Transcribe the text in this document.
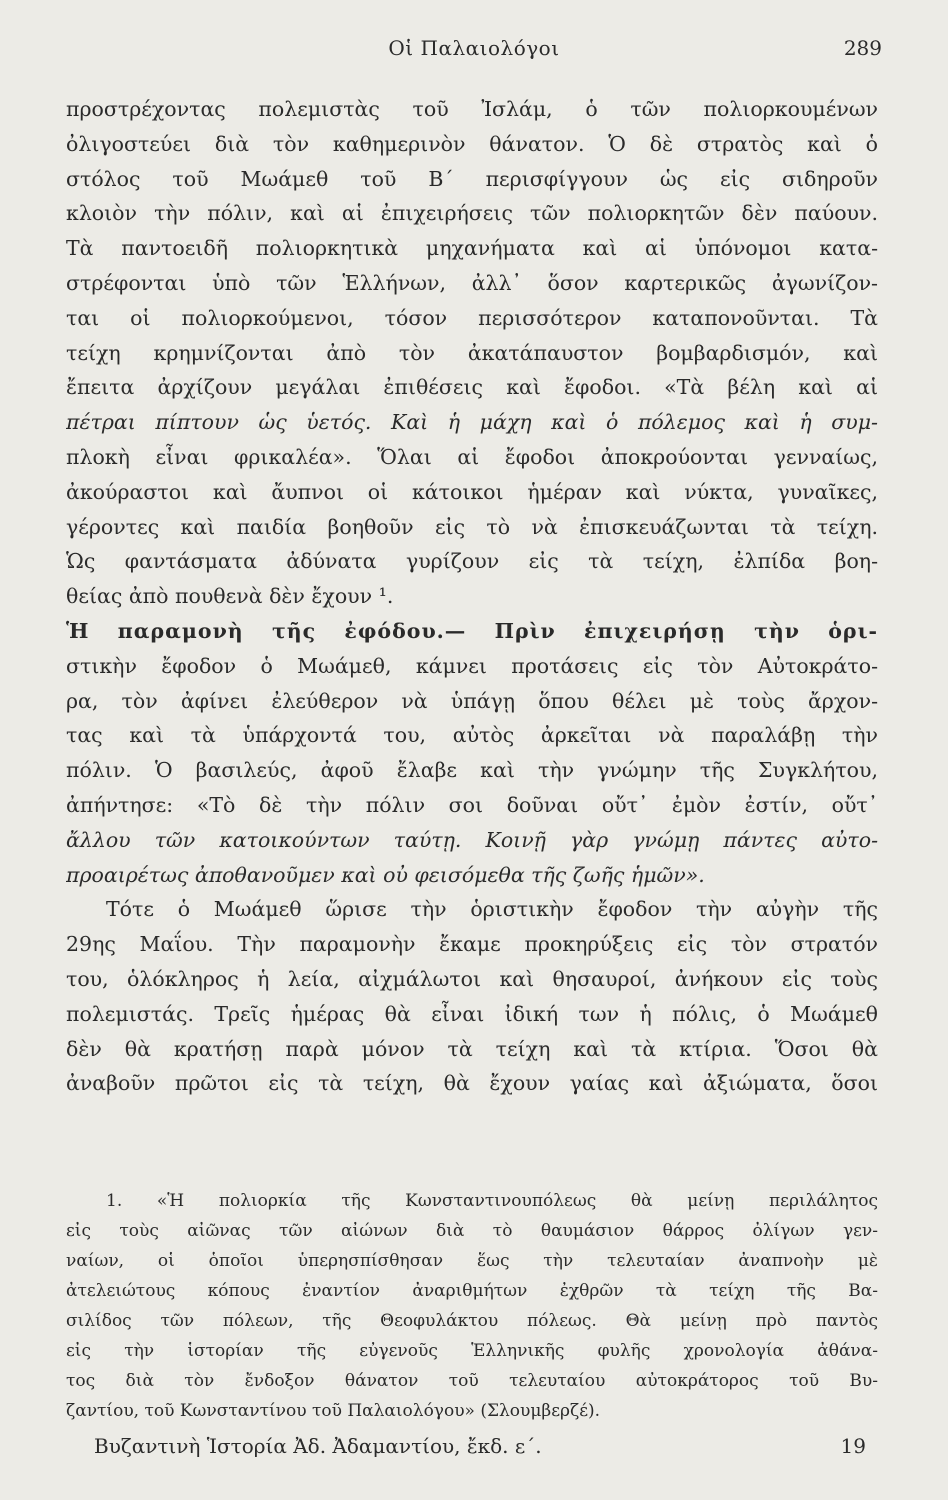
Οἱ Παλαιολόγοι	289
προστρέχοντας πολεμιστὰς τοῦ Ἰσλάμ, ὁ τῶν πολιορκουμένων
ὀλιγοστεύει διὰ τὸν καθημερινὸν θάνατον. Ὁ δὲ στρατὸς καὶ ὁ
στόλος τοῦ Μωάμεθ τοῦ Β΄ περισφίγγουν ὡς εἰς σιδηροῦν
κλοιὸν τὴν πόλιν, καὶ αἱ ἐπιχειρήσεις τῶν πολιορκητῶν δὲν παύουν.
Τὰ παντοειδῆ πολιορκητικὰ μηχανήματα καὶ αἱ ὑπόνομοι κατα-
στρέφονται ὑπὸ τῶν Ἑλλήνων, ἀλλ᾽ ὅσον καρτερικῶς ἀγωνίζον-
ται οἱ πολιορκούμενοι, τόσον περισσότερον καταπονοῦνται. Τὰ
τείχη κρημνίζονται ἀπὸ τὸν ἀκατάπαυστον βομβαρδισμόν, καὶ
ἔπειτα ἀρχίζουν μεγάλαι ἐπιθέσεις καὶ ἔφοδοι. «Τὰ βέλη καὶ αἱ
πέτραι πίπτουν ὡς ὑετός. Καὶ ἡ μάχη καὶ ὁ πόλεμος καὶ ἡ συμ-
πλοκὴ εἶναι φρικαλέα». Ὅλαι αἱ ἔφοδοι ἀποκρούονται γενναίως,
ἀκούραστοι καὶ ἄυπνοι οἱ κάτοικοι ἡμέραν καὶ νύκτα, γυναῖκες,
γέροντες καὶ παιδία βοηθοῦν εἰς τὸ νὰ ἐπισκευάζωνται τὰ τείχη.
Ὡς φαντάσματα ἀδύνατα γυρίζουν εἰς τὰ τείχη, ἐλπίδα βοη-
θείας ἀπὸ πουθενὰ δὲν ἔχουν ¹.
Ἡ παραμονὴ τῆς ἐφόδου.— Πρὶν ἐπιχειρήσῃ τὴν ὁρι-
στικὴν ἔφοδον ὁ Μωάμεθ, κάμνει προτάσεις εἰς τὸν Αὐτοκράτο-
ρα, τὸν ἀφίνει ἐλεύθερον νὰ ὑπάγῃ ὅπου θέλει μὲ τοὺς ἄρχον-
τας καὶ τὰ ὑπάρχοντά του, αὐτὸς ἀρκεῖται νὰ παραλάβῃ τὴν
πόλιν. Ὁ βασιλεύς, ἀφοῦ ἔλαβε καὶ τὴν γνώμην τῆς Συγκλήτου,
ἀπήντησε: «Τὸ δὲ τὴν πόλιν σοι δοῦναι οὔτ᾽ ἐμὸν ἐστίν, οὔτ᾽
ἄλλου τῶν κατοικούντων ταύτῃ. Κοινῇ γὰρ γνώμῃ πάντες αὐτο-
προαιρέτως ἀποθανοῦμεν καὶ οὐ φεισόμεθα τῆς ζωῆς ἡμῶν».
Τότε ὁ Μωάμεθ ὥρισε τὴν ὁριστικὴν ἔφοδον τὴν αὐγὴν τῆς
29ης Μαΐου. Τὴν παραμονὴν ἔκαμε προκηρύξεις εἰς τὸν στρατόν
του, ὁλόκληρος ἡ λεία, αἰχμάλωτοι καὶ θησαυροί, ἀνήκουν εἰς τοὺς
πολεμιστάς. Τρεῖς ἡμέρας θὰ εἶναι ἰδική των ἡ πόλις, ὁ Μωάμεθ
δὲν θὰ κρατήσῃ παρὰ μόνον τὰ τείχη καὶ τὰ κτίρια. Ὅσοι θὰ
ἀναβοῦν πρῶτοι εἰς τὰ τείχη, θὰ ἔχουν γαίας καὶ ἀξιώματα, ὅσοι
1. «Ἡ πολιορκία τῆς Κωνσταντινουπόλεως θὰ μείνῃ περιλάλητος
εἰς τοὺς αἰῶνας τῶν αἰώνων διὰ τὸ θαυμάσιον θάρρος ὀλίγων γεν-
ναίων, οἱ ὁποῖοι ὑπερησπίσθησαν ἕως τὴν τελευταίαν ἀναπνοὴν μὲ
ἀτελειώτους κόπους ἐναντίον ἀναριθμήτων ἐχθρῶν τὰ τείχη τῆς Βα-
σιλίδος τῶν πόλεων, τῆς Θεοφυλάκτου πόλεως. Θὰ μείνῃ πρὸ παντὸς
εἰς τὴν ἱστορίαν τῆς εὐγενοῦς Ἑλληνικῆς φυλῆς χρονολογία ἀθάνα-
τος διὰ τὸν ἔνδοξον θάνατον τοῦ τελευταίου αὐτοκράτορος τοῦ Βυ-
ζαντίου, τοῦ Κωνσταντίνου τοῦ Παλαιολόγου» (Σλουμβερζέ).
Βυζαντινὴ Ἱστορία Ἀδ. Ἀδαμαντίου, ἔκδ. ε΄.	19
